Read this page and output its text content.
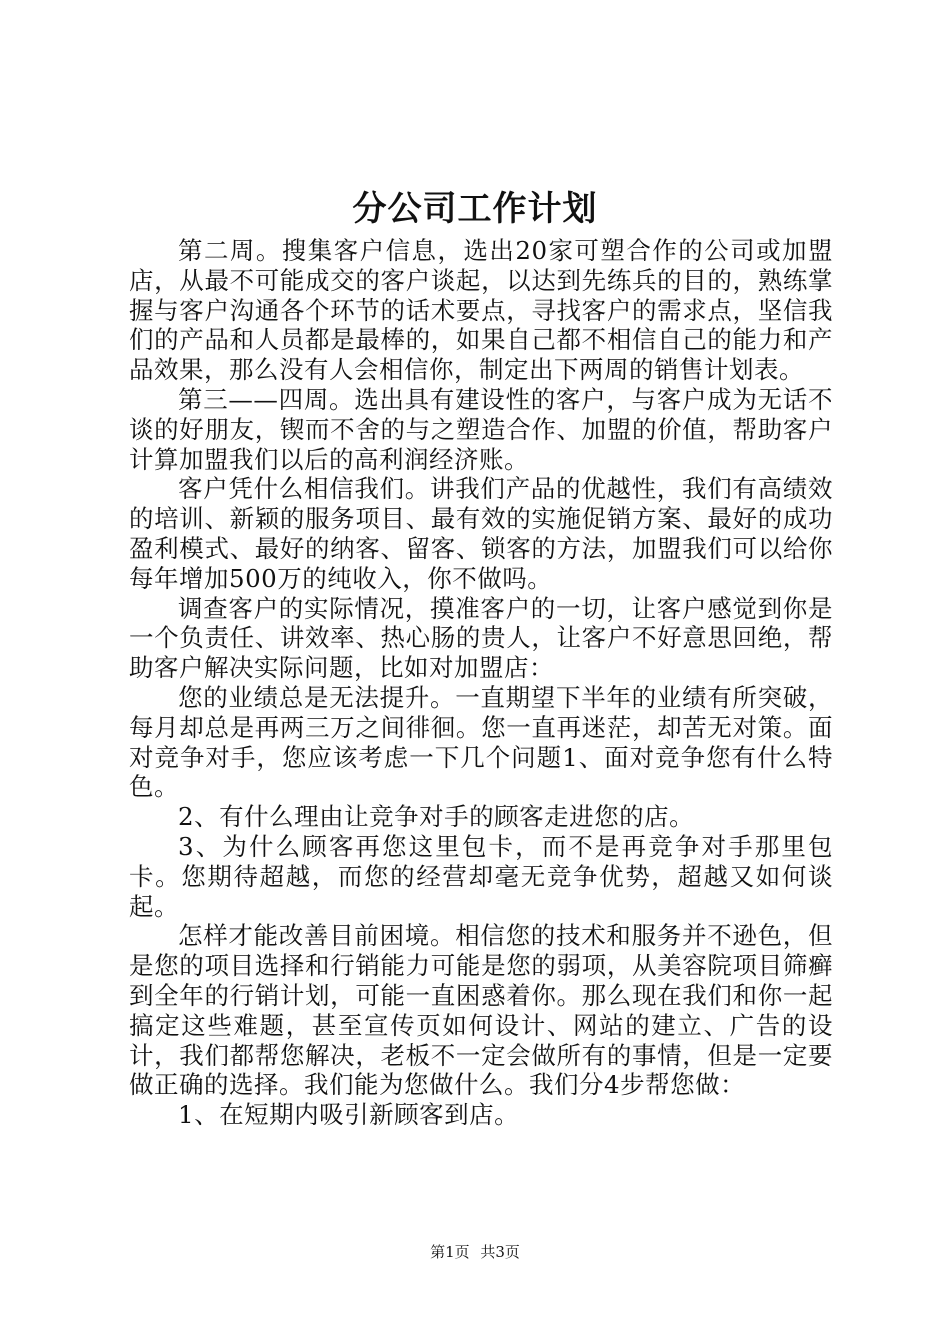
分公司工作计划

第二周。搜集客户信息，选出20家可塑合作的公司或加盟店，从最不可能成交的客户谈起，以达到先练兵的目的，熟练掌握与客户沟通各个环节的话术要点，寻找客户的需求点，坚信我们的产品和人员都是最棒的，如果自己都不相信自己的能力和产品效果，那么没有人会相信你，制定出下两周的销售计划表。

第三——四周。选出具有建设性的客户，与客户成为无话不谈的好朋友，锲而不舍的与之塑造合作、加盟的价值，帮助客户计算加盟我们以后的高利润经济账。

客户凭什么相信我们。讲我们产品的优越性，我们有高绩效的培训、新颖的服务项目、最有效的实施促销方案、最好的成功盈利模式、最好的纳客、留客、锁客的方法，加盟我们可以给你每年增加500万的纯收入，你不做吗。

调查客户的实际情况，摸准客户的一切，让客户感觉到你是一个负责任、讲效率、热心肠的贵人，让客户不好意思回绝，帮助客户解决实际问题，比如对加盟店：

您的业绩总是无法提升。一直期望下半年的业绩有所突破，每月却总是再两三万之间徘徊。您一直再迷茫，却苦无对策。面对竞争对手，您应该考虑一下几个问题1、面对竞争您有什么特色。

2、有什么理由让竞争对手的顾客走进您的店。

3、为什么顾客再您这里包卡，而不是再竞争对手那里包卡。您期待超越，而您的经营却毫无竞争优势，超越又如何谈起。

怎样才能改善目前困境。相信您的技术和服务并不逊色，但是您的项目选择和行销能力可能是您的弱项，从美容院项目筛癣到全年的行销计划，可能一直困惑着你。那么现在我们和你一起搞定这些难题，甚至宣传页如何设计、网站的建立、广告的设计，我们都帮您解决，老板不一定会做所有的事情，但是一定要做正确的选择。我们能为您做什么。我们分4步帮您做：

1、在短期内吸引新顾客到店。

第1页 共3页
